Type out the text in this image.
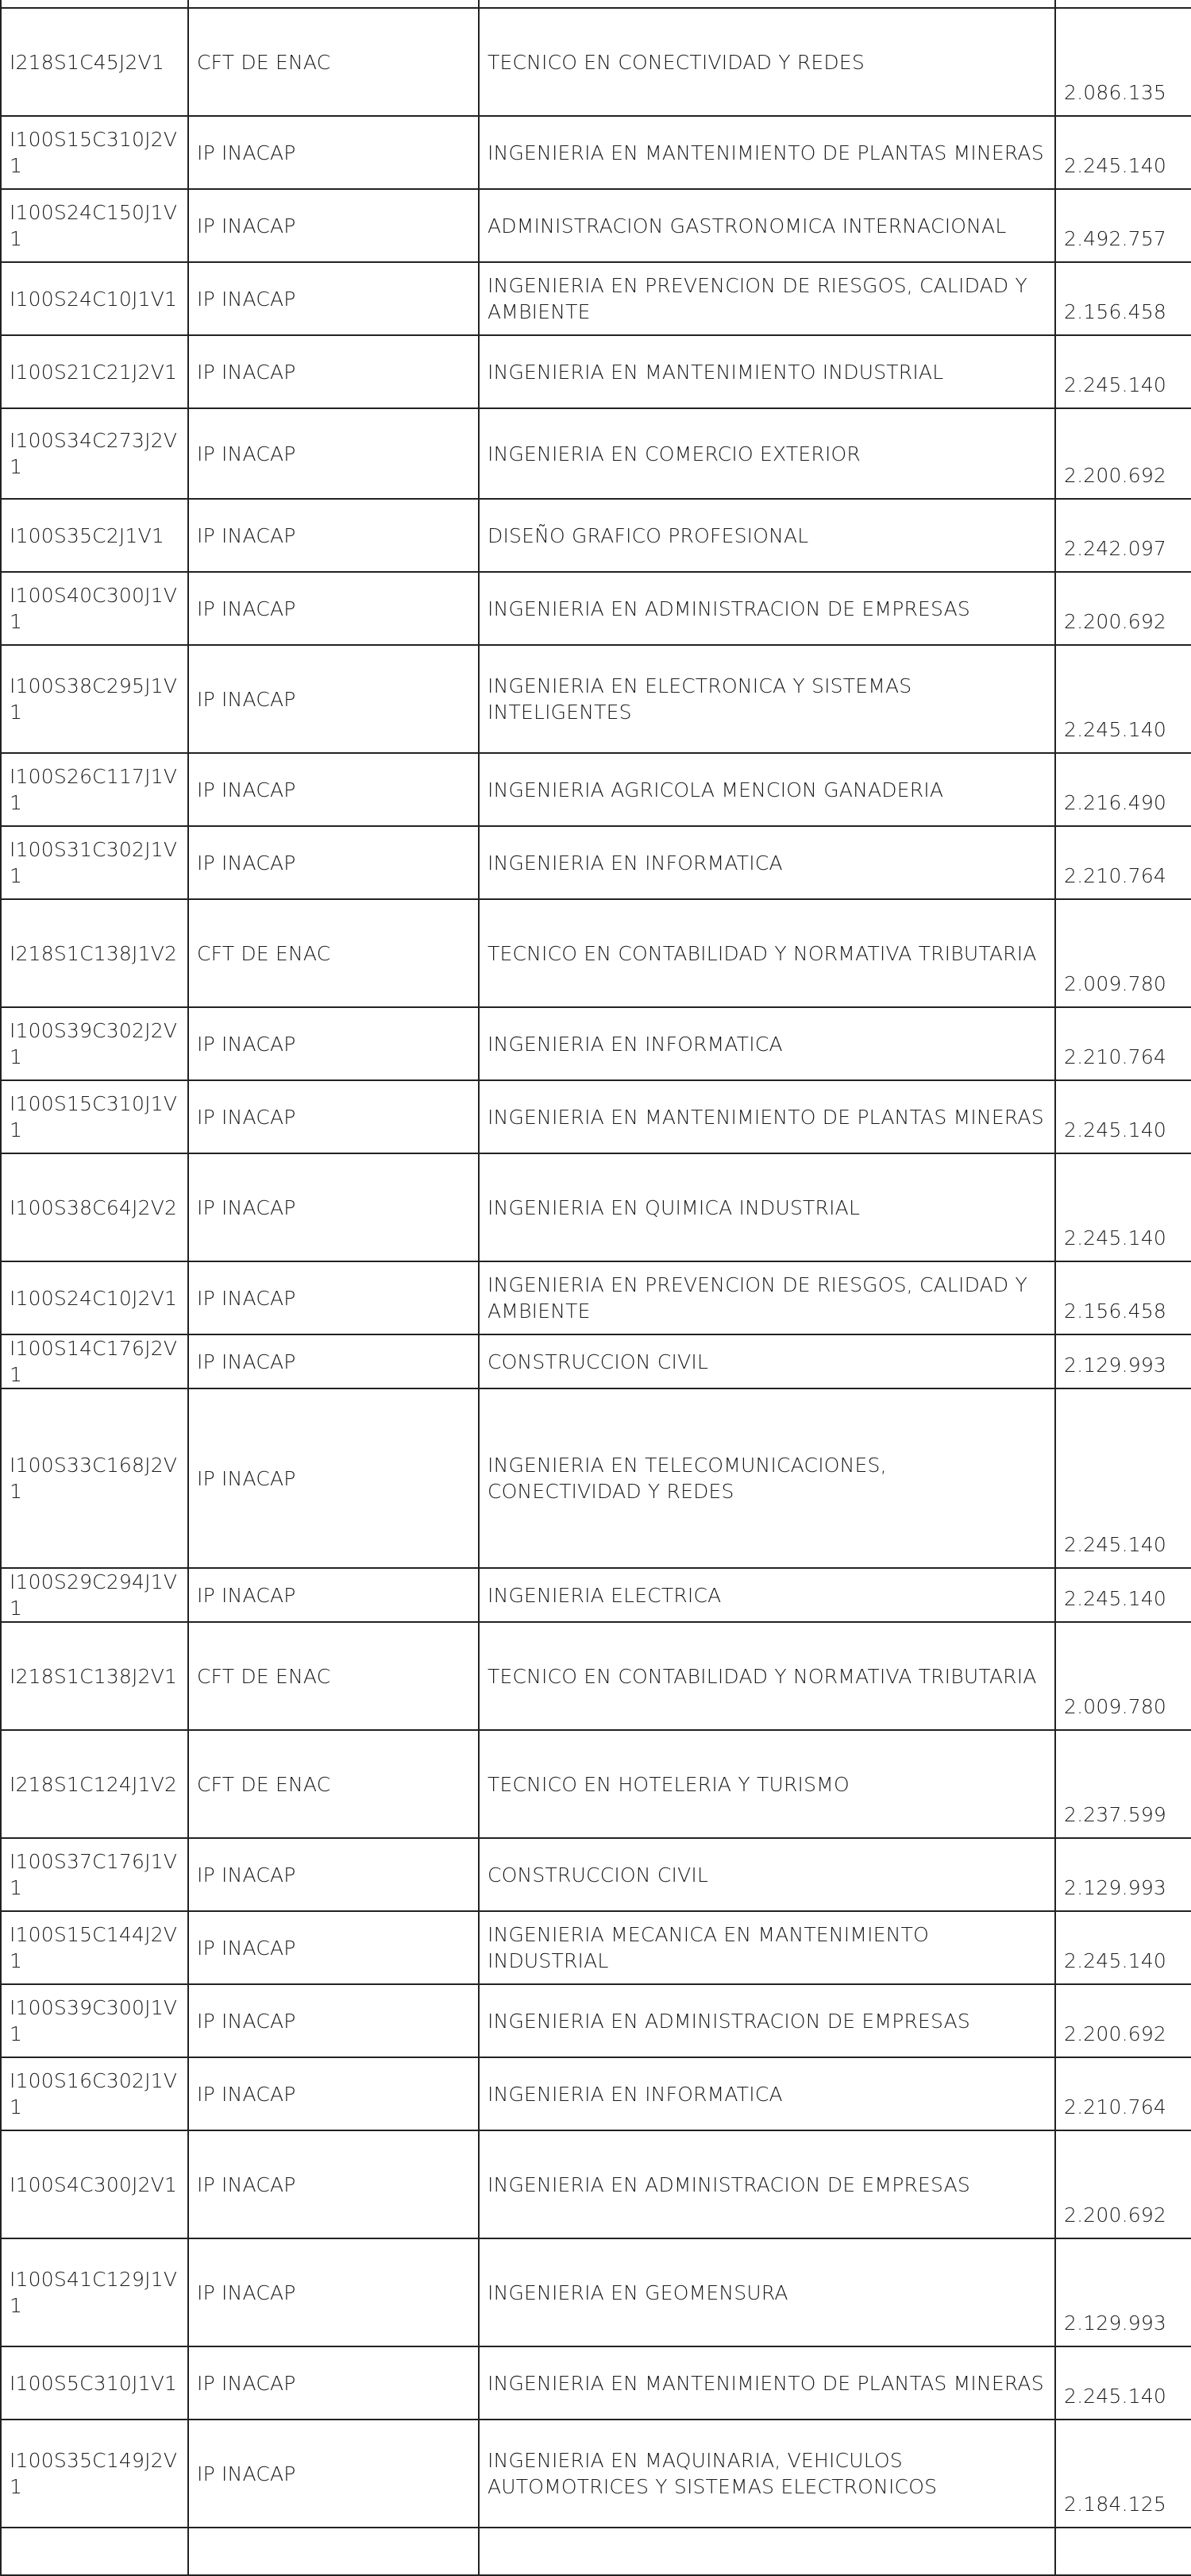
I218S1C45J2V1	CFT DE ENAC	TECNICO EN CONECTIVIDAD Y REDES	2.086.135
I100S15C310J2V1	IP INACAP	INGENIERIA EN MANTENIMIENTO DE PLANTAS MINERAS	2.245.140
I100S24C150J1V1	IP INACAP	ADMINISTRACION GASTRONOMICA INTERNACIONAL	2.492.757
I100S24C10J1V1	IP INACAP	INGENIERIA EN PREVENCION DE RIESGOS, CALIDAD Y AMBIENTE	2.156.458
I100S21C21J2V1	IP INACAP	INGENIERIA EN MANTENIMIENTO INDUSTRIAL	2.245.140
I100S34C273J2V1	IP INACAP	INGENIERIA EN COMERCIO EXTERIOR	2.200.692
I100S35C2J1V1	IP INACAP	DISEÑO GRAFICO PROFESIONAL	2.242.097
I100S40C300J1V1	IP INACAP	INGENIERIA EN ADMINISTRACION DE EMPRESAS	2.200.692
I100S38C295J1V1	IP INACAP	INGENIERIA EN ELECTRONICA Y SISTEMAS INTELIGENTES	2.245.140
I100S26C117J1V1	IP INACAP	INGENIERIA AGRICOLA MENCION GANADERIA	2.216.490
I100S31C302J1V1	IP INACAP	INGENIERIA EN INFORMATICA	2.210.764
I218S1C138J1V2	CFT DE ENAC	TECNICO EN CONTABILIDAD Y NORMATIVA TRIBUTARIA	2.009.780
I100S39C302J2V1	IP INACAP	INGENIERIA EN INFORMATICA	2.210.764
I100S15C310J1V1	IP INACAP	INGENIERIA EN MANTENIMIENTO DE PLANTAS MINERAS	2.245.140
I100S38C64J2V2	IP INACAP	INGENIERIA EN QUIMICA INDUSTRIAL	2.245.140
I100S24C10J2V1	IP INACAP	INGENIERIA EN PREVENCION DE RIESGOS, CALIDAD Y AMBIENTE	2.156.458
I100S14C176J2V1	IP INACAP	CONSTRUCCION CIVIL	2.129.993
I100S33C168J2V1	IP INACAP	INGENIERIA EN TELECOMUNICACIONES, CONECTIVIDAD Y REDES	2.245.140
I100S29C294J1V1	IP INACAP	INGENIERIA ELECTRICA	2.245.140
I218S1C138J2V1	CFT DE ENAC	TECNICO EN CONTABILIDAD Y NORMATIVA TRIBUTARIA	2.009.780
I218S1C124J1V2	CFT DE ENAC	TECNICO EN HOTELERIA Y TURISMO	2.237.599
I100S37C176J1V1	IP INACAP	CONSTRUCCION CIVIL	2.129.993
I100S15C144J2V1	IP INACAP	INGENIERIA MECANICA EN MANTENIMIENTO INDUSTRIAL	2.245.140
I100S39C300J1V1	IP INACAP	INGENIERIA EN ADMINISTRACION DE EMPRESAS	2.200.692
I100S16C302J1V1	IP INACAP	INGENIERIA EN INFORMATICA	2.210.764
I100S4C300J2V1	IP INACAP	INGENIERIA EN ADMINISTRACION DE EMPRESAS	2.200.692
I100S41C129J1V1	IP INACAP	INGENIERIA EN GEOMENSURA	2.129.993
I100S5C310J1V1	IP INACAP	INGENIERIA EN MANTENIMIENTO DE PLANTAS MINERAS	2.245.140
I100S35C149J2V1	IP INACAP	INGENIERIA EN MAQUINARIA, VEHICULOS AUTOMOTRICES Y SISTEMAS ELECTRONICOS	2.184.125
